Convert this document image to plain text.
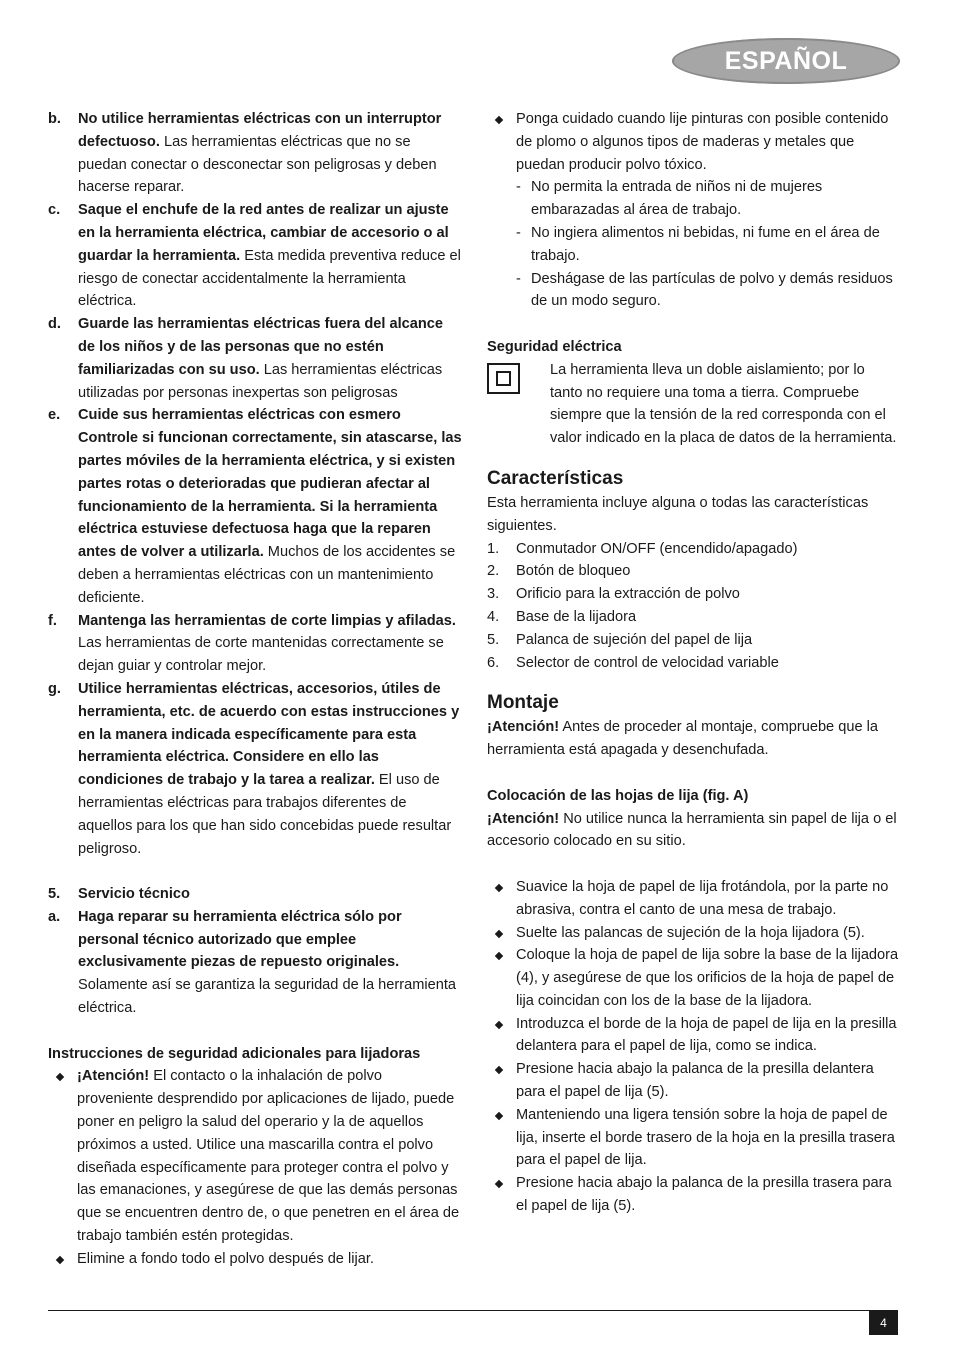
ESPAÑOL
b. No utilice herramientas eléctricas con un interruptor defectuoso. Las herramientas eléctricas que no se puedan conectar o desconectar son peligrosas y deben hacerse reparar.
c. Saque el enchufe de la red antes de realizar un ajuste en la herramienta eléctrica, cambiar de accesorio o al guardar la herramienta. Esta medida preventiva reduce el riesgo de conectar accidentalmente la herramienta eléctrica.
d. Guarde las herramientas eléctricas fuera del alcance de los niños y de las personas que no estén familiarizadas con su uso. Las herramientas eléctricas utilizadas por personas inexpertas son peligrosas
e. Cuide sus herramientas eléctricas con esmero Controle si funcionan correctamente, sin atascarse, las partes móviles de la herramienta eléctrica, y si existen partes rotas o deterioradas que pudieran afectar al funcionamiento de la herramienta. Si la herramienta eléctrica estuviese defectuosa haga que la reparen antes de volver a utilizarla. Muchos de los accidentes se deben a herramientas eléctricas con un mantenimiento deficiente.
f. Mantenga las herramientas de corte limpias y afiladas. Las herramientas de corte mantenidas correctamente se dejan guiar y controlar mejor.
g. Utilice herramientas eléctricas, accesorios, útiles de herramienta, etc. de acuerdo con estas instrucciones y en la manera indicada específicamente para esta herramienta eléctrica. Considere en ello las condiciones de trabajo y la tarea a realizar. El uso de herramientas eléctricas para trabajos diferentes de aquellos para los que han sido concebidas puede resultar peligroso.
5. Servicio técnico
a. Haga reparar su herramienta eléctrica sólo por personal técnico autorizado que emplee exclusivamente piezas de repuesto originales. Solamente así se garantiza la seguridad de la herramienta eléctrica.

Instrucciones de seguridad adicionales para lijadoras

¡Atención! El contacto o la inhalación de polvo proveniente desprendido por aplicaciones de lijado, puede poner en peligro la salud del operario y la de aquellos próximos a usted. Utilice una mascarilla contra el polvo diseñada específicamente para proteger contra el polvo y las emanaciones, y asegúrese de que las demás personas que se encuentren dentro de, o que penetren en el área de trabajo también estén protegidas.
Elimine a fondo todo el polvo después de lijar.
Ponga cuidado cuando lije pinturas con posible contenido de plomo o algunos tipos de maderas y metales que puedan producir polvo tóxico.
- No permita la entrada de niños ni de mujeres embarazadas al área de trabajo.
- No ingiera alimentos ni bebidas, ni fume en el área de trabajo.
- Deshágase de las partículas de polvo y demás residuos de un modo seguro.

Seguridad eléctrica

La herramienta lleva un doble aislamiento; por lo tanto no requiere una toma a tierra. Compruebe siempre que la tensión de la red corresponda con el valor indicado en la placa de datos de la herramienta.
Características

Esta herramienta incluye alguna o todas las características siguientes.

1. Conmutador ON/OFF (encendido/apagado)
2. Botón de bloqueo
3. Orificio para la extracción de polvo
4. Base de la lijadora
5. Palanca de sujeción del papel de lija
6. Selector de control de velocidad variable
Montaje

¡Atención! Antes de proceder al montaje, compruebe que la herramienta está apagada y desenchufada.

Colocación de las hojas de lija (fig. A)

¡Atención! No utilice nunca la herramienta sin papel de lija o el accesorio colocado en su sitio.

Suavice la hoja de papel de lija frotándola, por la parte no abrasiva, contra el canto de una mesa de trabajo.
Suelte las palancas de sujeción de la hoja lijadora (5).
Coloque la hoja de papel de lija sobre la base de la lijadora (4), y asegúrese de que los orificios de la hoja de papel de lija coincidan con los de la base de la lijadora.
Introduzca el borde de la hoja de papel de lija en la presilla delantera para el papel de lija, como se indica.
Presione hacia abajo la palanca de la presilla delantera para el papel de lija (5).
Manteniendo una ligera tensión sobre la hoja de papel de lija, inserte el borde trasero de la hoja en la presilla trasera para el papel de lija.
Presione hacia abajo la palanca de la presilla trasera para el papel de lija (5).
4
